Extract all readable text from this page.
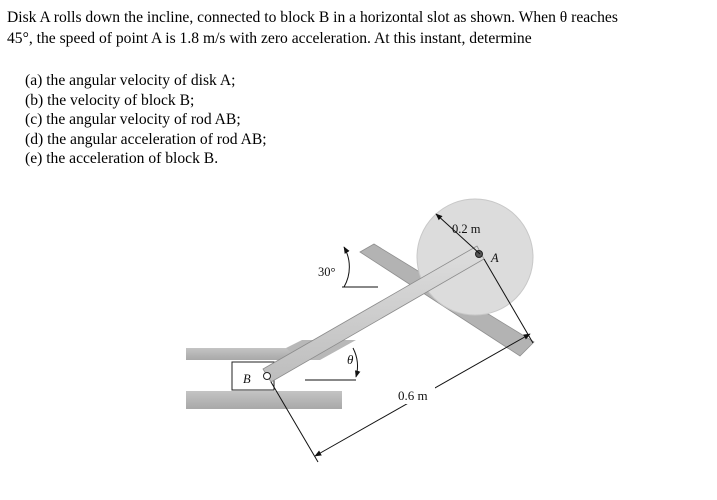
Disk A rolls down the incline, connected to block B in a horizontal slot as shown. When θ reaches

45°, the speed of point A is 1.8 m/s with zero acceleration. At this instant, determine

(a) the angular velocity of disk A;
(b) the velocity of block B;
(c) the angular velocity of rod AB;
(d) the angular acceleration of rod AB;
(e) the acceleration of block B.
0.2 m
A
30°
θ
0.6 m
B
